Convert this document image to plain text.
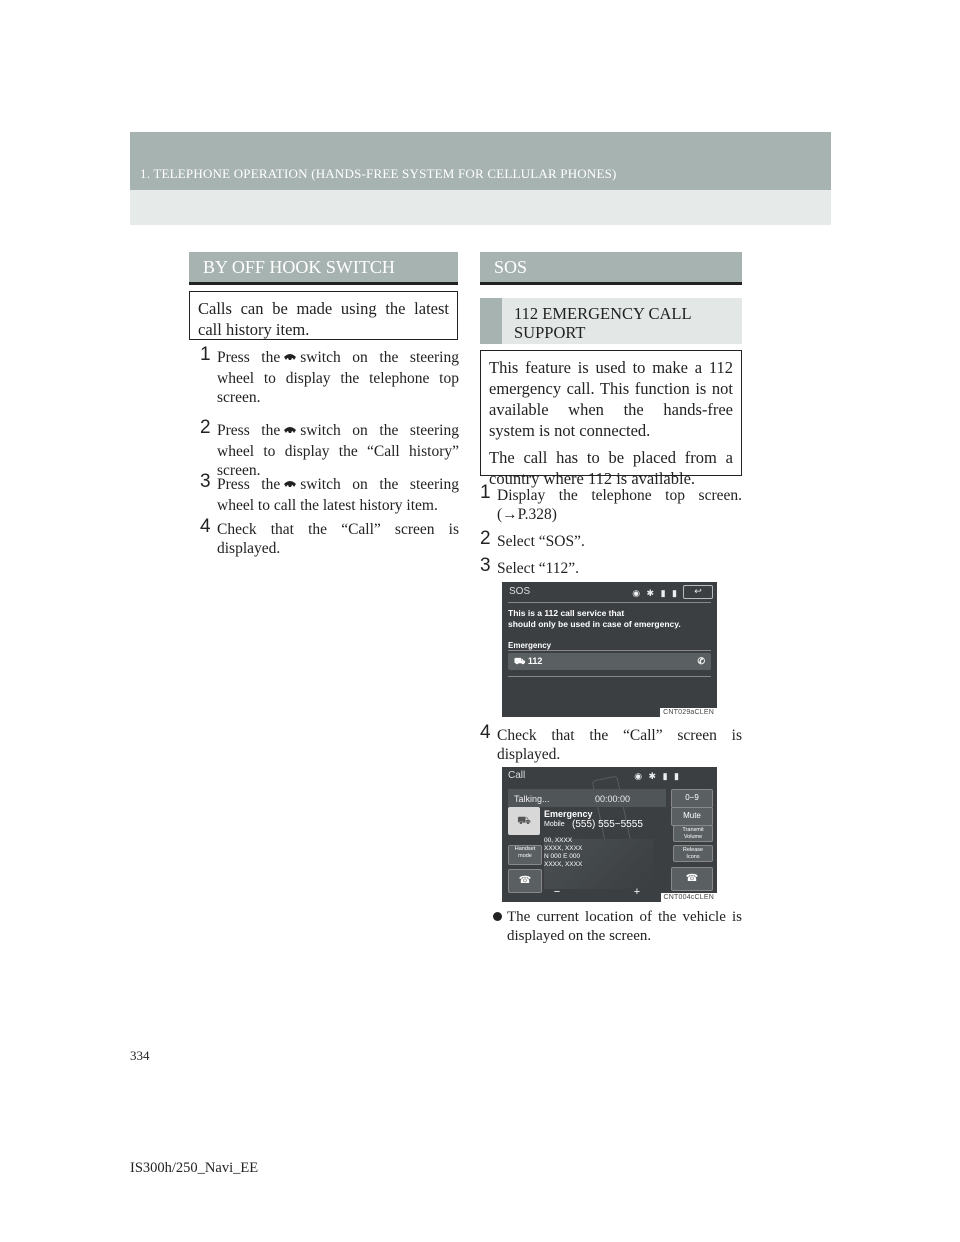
1. TELEPHONE OPERATION (HANDS-FREE SYSTEM FOR CELLULAR PHONES)
BY OFF HOOK SWITCH

Calls can be made using the latest call history item.

1 Press the switch on the steering wheel to display the telephone top screen.
2 Press the switch on the steering wheel to display the “Call history” screen.
3 Press the switch on the steering wheel to call the latest history item.
4 Check that the “Call” screen is displayed.
SOS
112 EMERGENCY CALL SUPPORT

This feature is used to make a 112 emergency call. This function is not available when the hands-free system is not connected.

The call has to be placed from a country where 112 is available.

1 Display the telephone top screen. (→P.328)
2 Select “SOS”.
3 Select “112”.
SOS	◉ ✱ ▮ ▮	↩
This is a 112 call service that
should only be used in case of emergency.
Emergency
⛟ 112	✆
CNT029aCLEN
4 Check that the “Call” screen is displayed.
Call	◉ ✱ ▮ ▮
Talking...	00:00:00
⛟
Emergency
Mobile (555) 555−5555
00, XXXX
XXXX, XXXX
N 000 E 000
XXXX, XXXX
Handset
mode
☎
0−9
Mute
Transmit
Volume
Release
Icons
☎
−	+	CNT004cCLEN
The current location of the vehicle is displayed on the screen.
334
IS300h/250_Navi_EE
